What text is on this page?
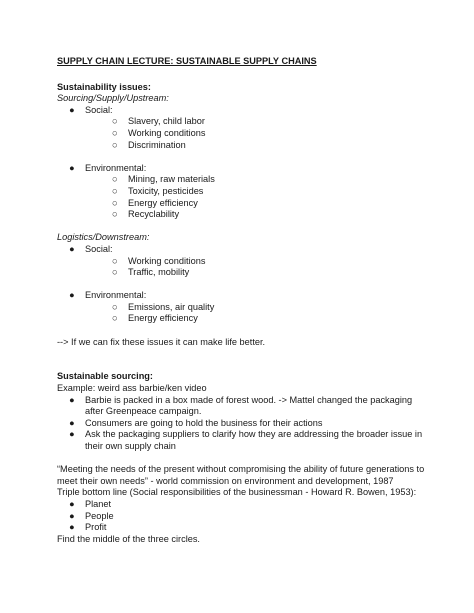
SUPPLY CHAIN LECTURE: SUSTAINABLE SUPPLY CHAINS
Sustainability issues:
Sourcing/Supply/Upstream:
● Social:
○ Slavery, child labor
○ Working conditions
○ Discrimination
● Environmental:
○ Mining, raw materials
○ Toxicity, pesticides
○ Energy efficiency
○ Recyclability
Logistics/Downstream:
● Social:
○ Working conditions
○ Traffic, mobility
● Environmental:
○ Emissions, air quality
○ Energy efficiency
--> If we can fix these issues it can make life better.
Sustainable sourcing:
Example: weird ass barbie/ken video
● Barbie is packed in a box made of forest wood. -> Mattel changed the packaging after Greenpeace campaign.
● Consumers are going to hold the business for their actions
● Ask the packaging suppliers to clarify how they are addressing the broader issue in their own supply chain
“Meeting the needs of the present without compromising the ability of future generations to meet their own needs” - world commission on environment and development, 1987
Triple bottom line (Social responsibilities of the businessman - Howard R. Bowen, 1953):
● Planet
● People
● Profit
Find the middle of the three circles.
